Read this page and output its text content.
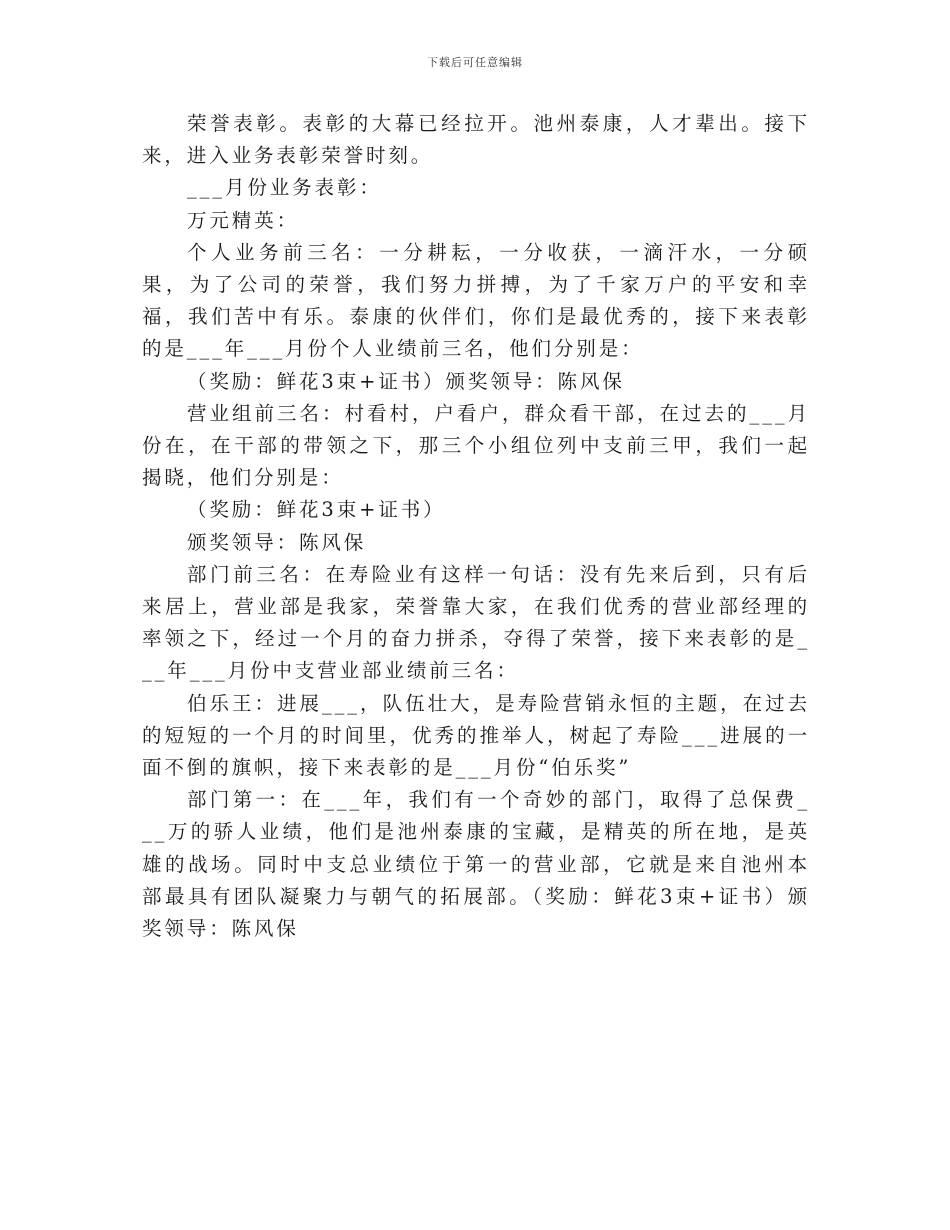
下载后可任意编辑

荣誉表彰。表彰的大幕已经拉开。池州泰康，人才辈出。接下来，进入业务表彰荣誉时刻。

___月份业务表彰：

万元精英：

个人业务前三名：一分耕耘，一分收获，一滴汗水，一分硕果，为了公司的荣誉，我们努力拼搏，为了千家万户的平安和幸福，我们苦中有乐。泰康的伙伴们，你们是最优秀的，接下来表彰的是___年___月份个人业绩前三名，他们分别是：

（奖励：鲜花3束+证书）颁奖领导：陈风保

营业组前三名：村看村，户看户，群众看干部，在过去的___月份在，在干部的带领之下，那三个小组位列中支前三甲，我们一起揭晓，他们分别是：

（奖励：鲜花3束+证书）

颁奖领导：陈风保

部门前三名：在寿险业有这样一句话：没有先来后到，只有后来居上，营业部是我家，荣誉靠大家，在我们优秀的营业部经理的率领之下，经过一个月的奋力拼杀，夺得了荣誉，接下来表彰的是___年___月份中支营业部业绩前三名：

伯乐王：进展___，队伍壮大，是寿险营销永恒的主题，在过去的短短的一个月的时间里，优秀的推举人，树起了寿险___进展的一面不倒的旗帜，接下来表彰的是___月份“伯乐奖”

部门第一：在___年，我们有一个奇妙的部门，取得了总保费___万的骄人业绩，他们是池州泰康的宝藏，是精英的所在地，是英雄的战场。同时中支总业绩位于第一的营业部，它就是来自池州本部最具有团队凝聚力与朝气的拓展部。（奖励：鲜花3束+证书）颁奖领导：陈风保
